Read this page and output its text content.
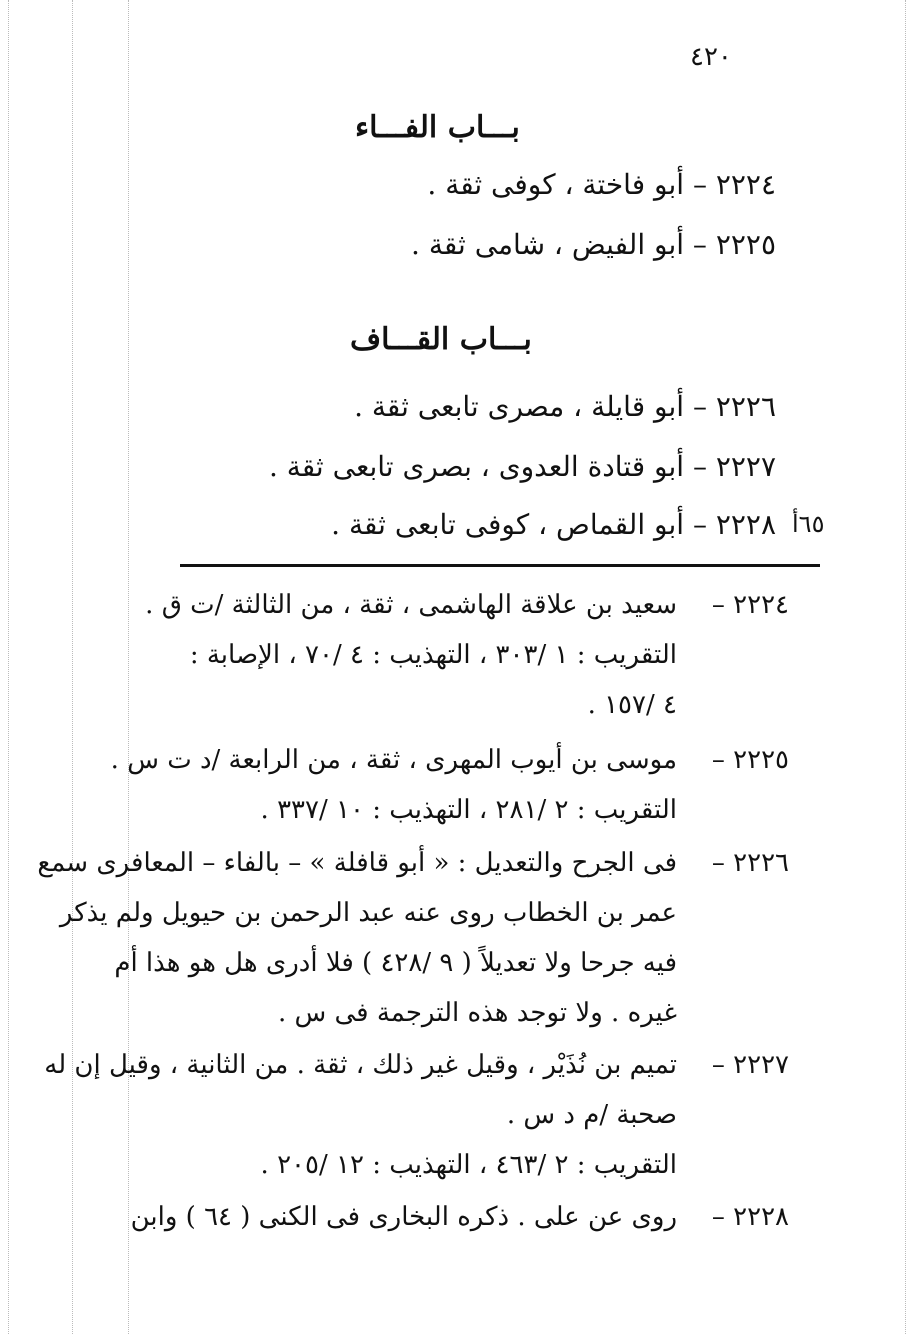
٤٢٠
بـــاب الفـــاء
٢٢٢٤ – أبو فاختة ، كوفى ثقة .
٢٢٢٥ – أبو الفيض ، شامى ثقة .
بـــاب القـــاف
٢٢٢٦ – أبو قايلة ، مصرى تابعى ثقة .
٢٢٢٧ – أبو قتادة العدوى ، بصرى تابعى ثقة .
٢٢٢٨ – أبو القماص ، كوفى تابعى ثقة . ٦٥أ
٢٢٢٤ –
سعيد بن علاقة الهاشمى ، ثقة ، من الثالثة /ت ق .
التقريب : ١ /٣٠٣ ، التهذيب : ٤ /٧٠ ، الإصابة :
٤ /١٥٧ .
٢٢٢٥ –
موسى بن أيوب المهرى ، ثقة ، من الرابعة /د ت س .
التقريب : ٢ /٢٨١ ، التهذيب : ١٠ /٣٣٧ .
٢٢٢٦ –
فى الجرح والتعديل : « أبو قافلة » – بالفاء – المعافرى سمع
عمر بن الخطاب روى عنه عبد الرحمن بن حيويل ولم يذكر
فيه جرحا ولا تعديلاً ( ٩ /٤٢٨ ) فلا أدرى هل هو هذا أم
غيره . ولا توجد هذه الترجمة فى س .
٢٢٢٧ –
تميم بن نُذَيْر ، وقيل غير ذلك ، ثقة . من الثانية ، وقيل إن له
صحبة /م د س .
التقريب : ٢ /٤٦٣ ، التهذيب : ١٢ /٢٠٥ .
٢٢٢٨ –
روى عن على . ذكره البخارى فى الكنى ( ٦٤ ) وابن
